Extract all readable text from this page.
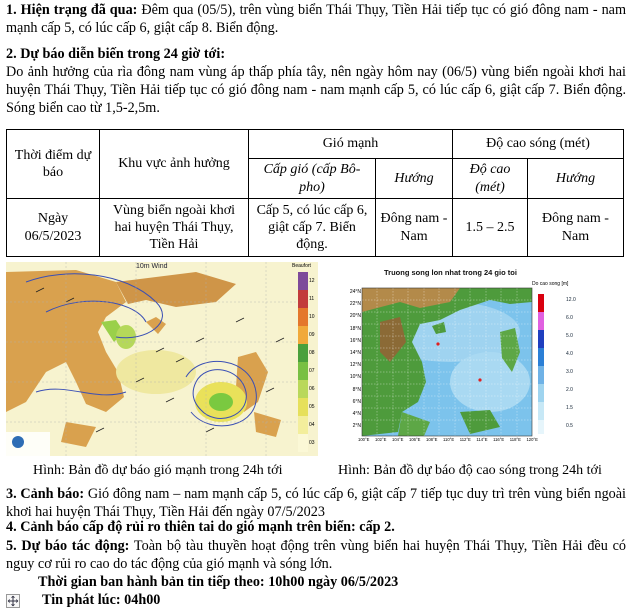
1. Hiện trạng đã qua: Đêm qua (05/5), trên vùng biển Thái Thụy, Tiền Hải tiếp tục có gió đông nam - nam mạnh cấp 5, có lúc cấp 6, giật cấp 8. Biển động.
2. Dự báo diễn biến trong 24 giờ tới:
Do ảnh hưởng của rìa đông nam vùng áp thấp phía tây, nên ngày hôm nay (06/5) vùng biển ngoài khơi hai huyện Thái Thụy, Tiền Hải tiếp tục có gió đông nam - nam mạnh cấp 5, có lúc cấp 6, giật cấp 7. Biển động. Sóng biển cao từ 1,5-2,5m.
Thời điểm dự báo	Khu vực ảnh hưởng	Gió mạnh		Độ cao sóng (mét)	
		Cấp gió (cấp Bô-pho)	Hướng	Độ cao (mét)	Hướng
Ngày 06/5/2023	Vùng biển ngoài khơi hai huyện Thái Thụy, Tiền Hải	Cấp 5, có lúc cấp 6, giật cấp 7. Biển động.	Đông nam - Nam	1.5 – 2.5	Đông nam - Nam
10m Wind	Beaufort
12
11
10
09
08
07
06
05
04
03
Truong song lon nhat trong 24 gio toi
Do cao song [m]
12.0
6.0
5.0
4.0
3.0
2.0
1.5
0.5
24°N
22°N
20°N
18°N
16°N
14°N
12°N
10°N
8°N
6°N
4°N
2°N
100°E 102°E 104°E 106°E 108°E 110°E 112°E 114°E 116°E 118°E 120°E
Hình: Bản đồ dự báo gió mạnh trong 24h tới	Hình: Bản đồ dự báo độ cao sóng trong 24h tới
3. Cảnh báo: Gió đông nam – nam mạnh cấp 5, có lúc cấp 6, giật cấp 7 tiếp tục duy trì trên vùng biển ngoài khơi hai huyện Thái Thụy, Tiền Hải đến ngày 07/5/2023
4. Cảnh báo cấp độ rủi ro thiên tai do gió mạnh trên biển: cấp 2.
5. Dự báo tác động: Toàn bộ tàu thuyền hoạt động trên vùng biển hai huyện Thái Thụy, Tiền Hải đều có nguy cơ rủi ro cao do tác động của gió mạnh và sóng lớn.
Thời gian ban hành bản tin tiếp theo: 10h00 ngày 06/5/2023
Tin phát lúc: 04h00
